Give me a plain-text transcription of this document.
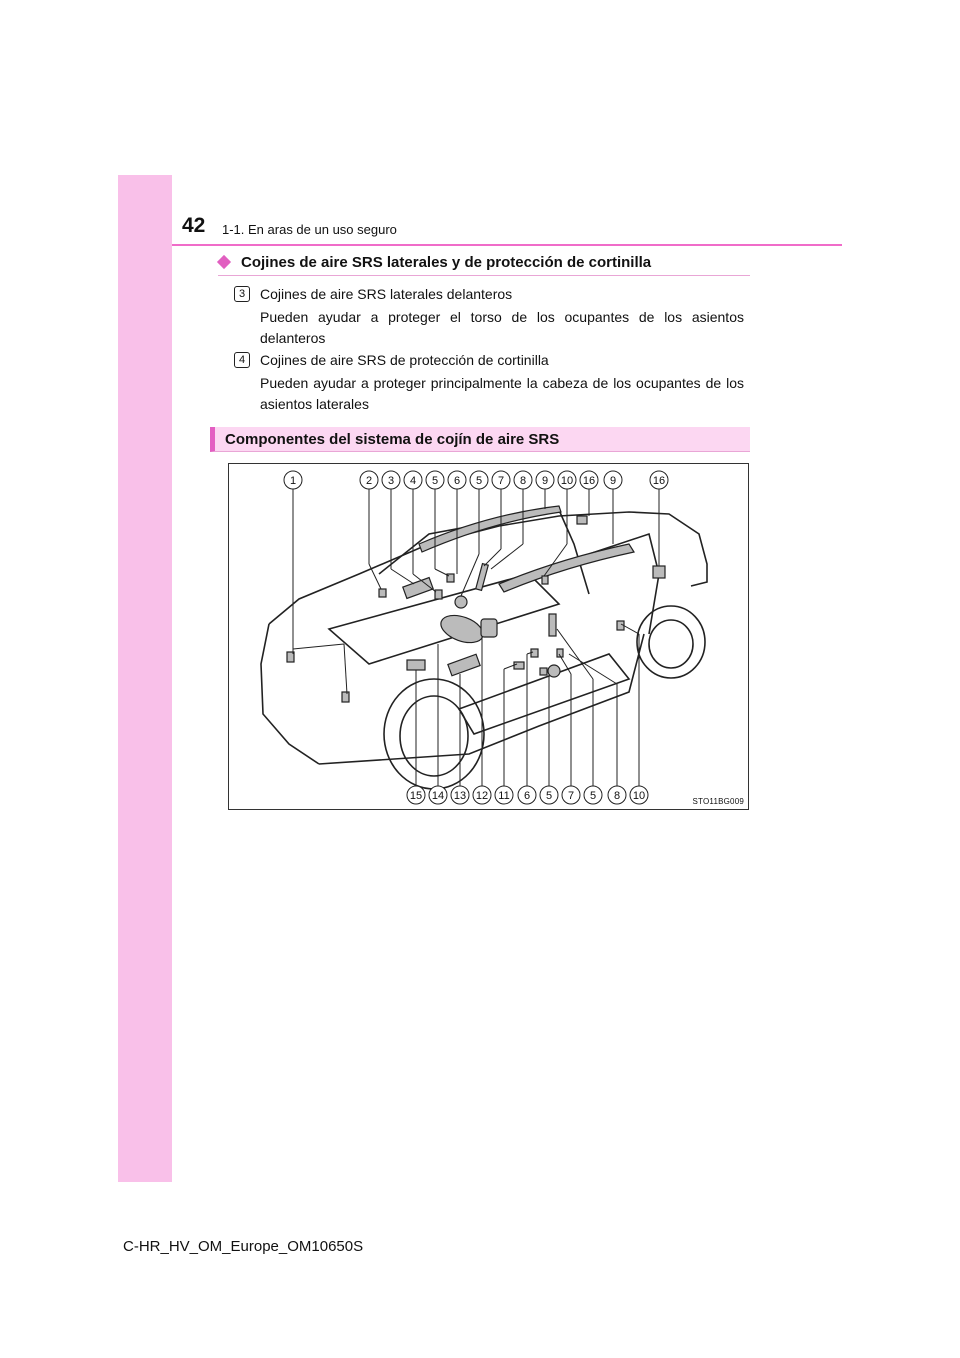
42 1-1. En aras de un uso seguro
Cojines de aire SRS laterales y de protección de cortinilla
3	Cojines de aire SRS laterales delanteros
Pueden ayudar a proteger el torso de los ocupantes de los asientos delanteros
4	Cojines de aire SRS de protección de cortinilla
Pueden ayudar a proteger principalmente la cabeza de los ocupantes de los asientos laterales
Componentes del sistema de cojín de aire SRS
1	2 3 4 5 6 5 7 8 9 10 16 9	16
15 14 13 12 11 6 5 7 5 8 10	STO11BG009
C-HR_HV_OM_Europe_OM10650S
